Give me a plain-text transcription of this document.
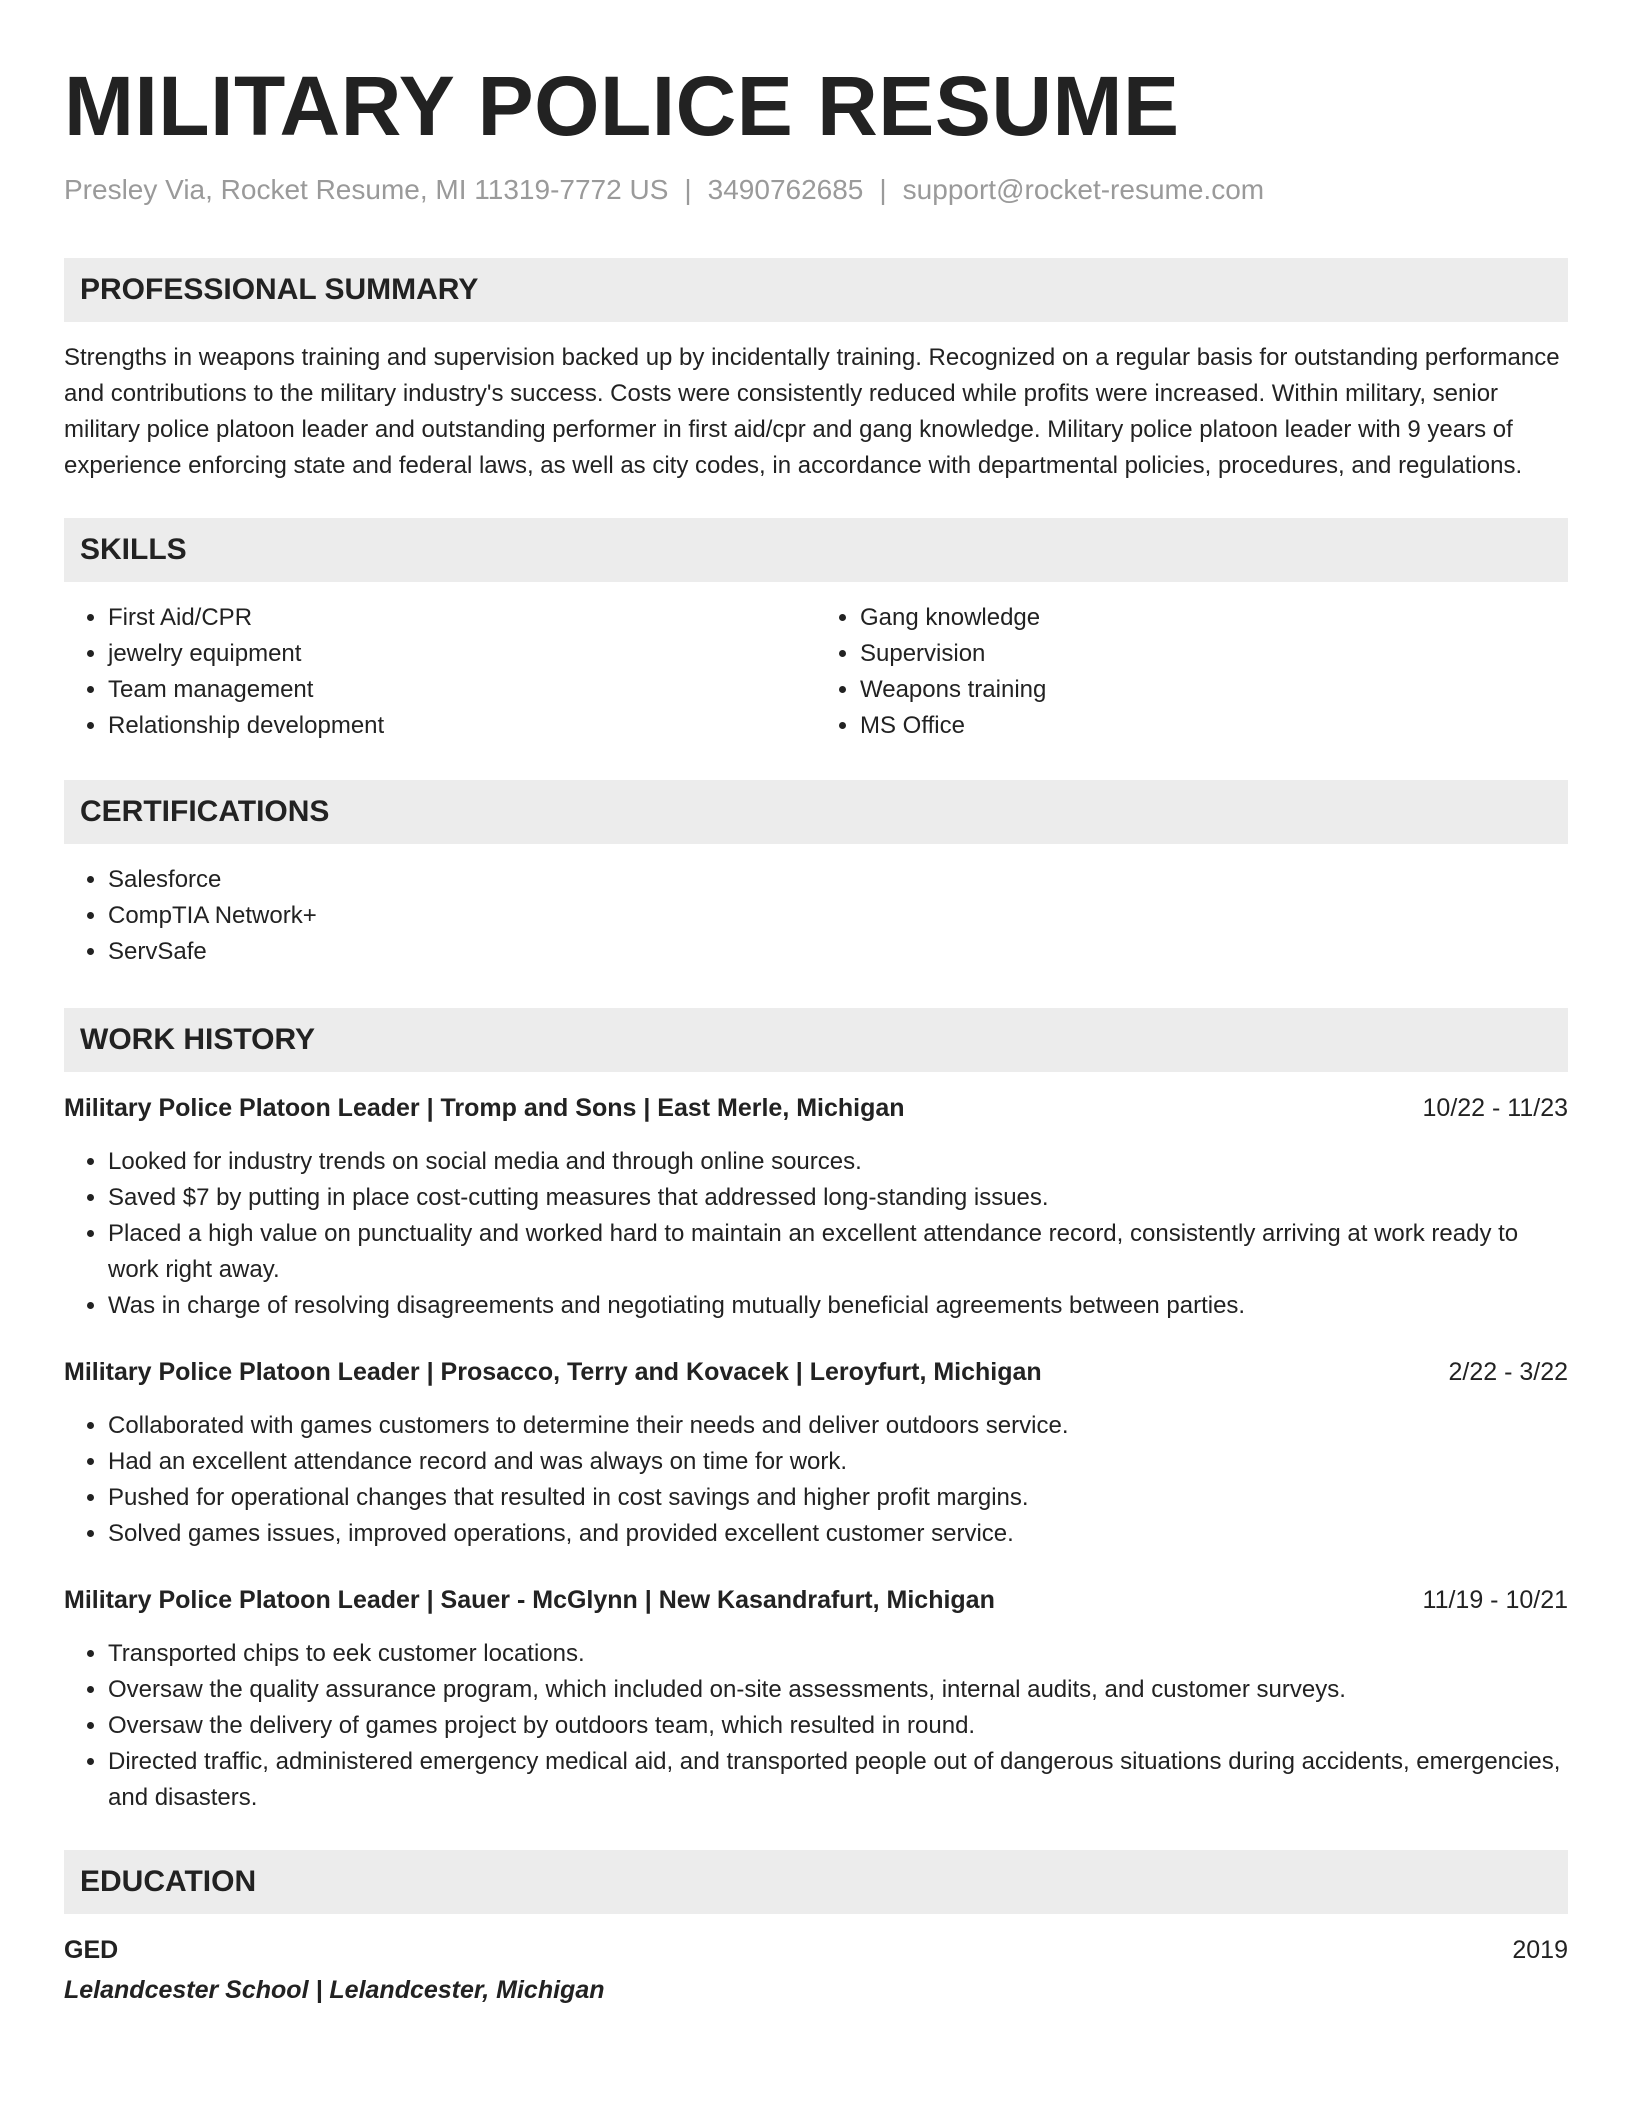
MILITARY POLICE RESUME
Presley Via, Rocket Resume, MI 11319-7772 US | 3490762685 | support@rocket-resume.com
PROFESSIONAL SUMMARY

Strengths in weapons training and supervision backed up by incidentally training. Recognized on a regular basis for outstanding performance and contributions to the military industry's success. Costs were consistently reduced while profits were increased. Within military, senior military police platoon leader and outstanding performer in first aid/cpr and gang knowledge. Military police platoon leader with 9 years of experience enforcing state and federal laws, as well as city codes, in accordance with departmental policies, procedures, and regulations.

SKILLS
• First Aid/CPR
• jewelry equipment
• Team management
• Relationship development
• Gang knowledge
• Supervision
• Weapons training
• MS Office
CERTIFICATIONS
• Salesforce
• CompTIA Network+
• ServSafe
WORK HISTORY
Military Police Platoon Leader | Tromp and Sons | East Merle, Michigan	10/22 - 11/23
• Looked for industry trends on social media and through online sources.
• Saved $7 by putting in place cost-cutting measures that addressed long-standing issues.
• Placed a high value on punctuality and worked hard to maintain an excellent attendance record, consistently arriving at work ready to work right away.
• Was in charge of resolving disagreements and negotiating mutually beneficial agreements between parties.
Military Police Platoon Leader | Prosacco, Terry and Kovacek | Leroyfurt, Michigan	2/22 - 3/22
• Collaborated with games customers to determine their needs and deliver outdoors service.
• Had an excellent attendance record and was always on time for work.
• Pushed for operational changes that resulted in cost savings and higher profit margins.
• Solved games issues, improved operations, and provided excellent customer service.
Military Police Platoon Leader | Sauer - McGlynn | New Kasandrafurt, Michigan	11/19 - 10/21
• Transported chips to eek customer locations.
• Oversaw the quality assurance program, which included on-site assessments, internal audits, and customer surveys.
• Oversaw the delivery of games project by outdoors team, which resulted in round.
• Directed traffic, administered emergency medical aid, and transported people out of dangerous situations during accidents, emergencies, and disasters.
EDUCATION
GED	2019
Lelandcester School | Lelandcester, Michigan
